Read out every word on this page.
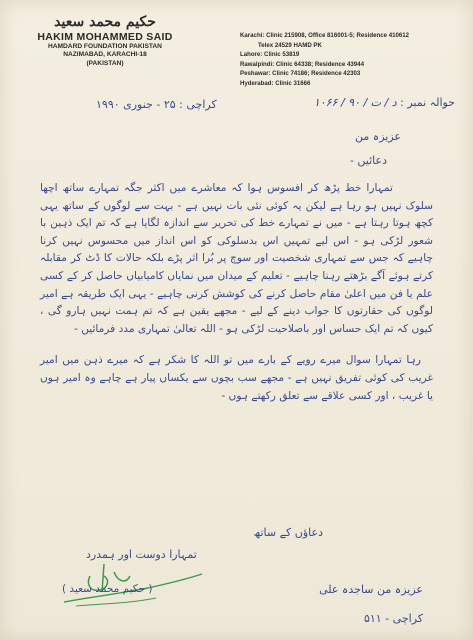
حکیم محمد سعید
HAKIM MOHAMMED SAID
HAMDARD FOUNDATION PAKISTAN
NAZIMABAD, KARACHI-18
(PAKISTAN)
Karachi: Clinic 215908, Office 816001-5; Residence 410612
Telex 24529 HAMD PK
Lahore: Clinic 53819
Rawalpindi: Clinic 64338; Residence 43944
Peshawar: Clinic 74186; Residence 42303
Hyderabad: Clinic 31666
حوالہ نمبر : د / ت / ۹۰ / ۱۰۶۶
کراچی : ۲۵ - جنوری ۱۹۹۰
عزیزہ من
دعائیں -

تمہارا خط پڑھ کر افسوس ہوا کہ معاشرے میں اکثر جگہ تمہارے ساتھ اچھا سلوک نہیں ہو رہا ہے لیکن یہ کوئی نئی بات نہیں ہے - بہت سے لوگوں کے ساتھ یہی کچھ ہوتا رہتا ہے - میں نے تمہارے خط کی تحریر سے اندازہ لگایا ہے کہ تم ایک ذہین با شعور لڑکی ہو - اس لیے تمہیں اس بدسلوکی کو اس انداز میں محسوس نہیں کرنا چاہیے کہ جس سے تمہاری شخصیت اور سوچ پر بُرا اثر پڑے بلکہ حالات کا ڈٹ کر مقابلہ کرتے ہوئے آگے بڑھتے رہنا چاہیے - تعلیم کے میدان میں نمایاں کامیابیاں حاصل کر کے کسی علم یا فن میں اعلیٰ مقام حاصل کرنے کی کوشش کرنی چاہیے - یہی ایک طریقہ ہے امیر لوگوں کی حقارتوں کا جواب دینے کے لیے - مجھے یقین ہے کہ تم ہمت نہیں ہارو گی ، کیوں کہ تم ایک حساس اور باصلاحیت لڑکی ہو - اللہ تعالیٰ تمہاری مدد فرمائیں -

رہا تمہارا سوال میرے رویے کے بارے میں تو اللہ کا شکر ہے کہ میرے ذہن میں امیر غریب کی کوئی تفریق نہیں ہے - مجھے سب بچوں سے یکساں پیار ہے چاہے وہ امیر ہوں یا غریب ، اور کسی علاقے سے تعلق رکھتے ہوں -

دعاؤں کے ساتھ
تمہارا دوست اور ہمدرد
( حکیم محمد سعید )	عزیزہ من ساجدہ علی
کراچی - ۵۱۱
